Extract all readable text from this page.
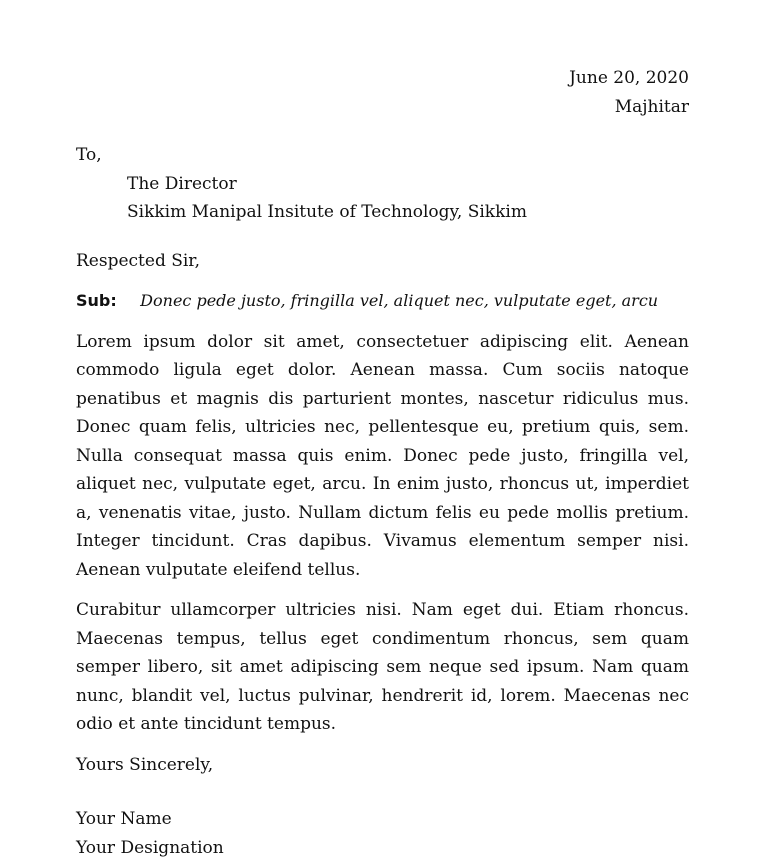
June 20, 2020
Majhitar
To,
The Director
Sikkim Manipal Insitute of Technology, Sikkim
Respected Sir,
Sub: Donec pede justo, fringilla vel, aliquet nec, vulputate eget, arcu

Lorem ipsum dolor sit amet, consectetuer adipiscing elit. Aenean commodo ligula eget dolor. Aenean massa. Cum sociis natoque penatibus et magnis dis parturient montes, nascetur ridiculus mus. Donec quam felis, ultricies nec, pellentesque eu, pretium quis, sem. Nulla consequat massa quis enim. Donec pede justo, fringilla vel, aliquet nec, vulputate eget, arcu. In enim justo, rhoncus ut, imperdiet a, venenatis vitae, justo. Nullam dictum felis eu pede mollis pretium. Integer tincidunt. Cras dapibus. Vivamus elementum semper nisi. Aenean vulputate eleifend tellus.

Curabitur ullamcorper ultricies nisi. Nam eget dui. Etiam rhoncus. Maecenas tempus, tellus eget condimentum rhoncus, sem quam semper libero, sit amet adipiscing sem neque sed ipsum. Nam quam nunc, blandit vel, luctus pulvinar, hendrerit id, lorem. Maecenas nec odio et ante tincidunt tempus.

Yours Sincerely,
Your Name
Your Designation
